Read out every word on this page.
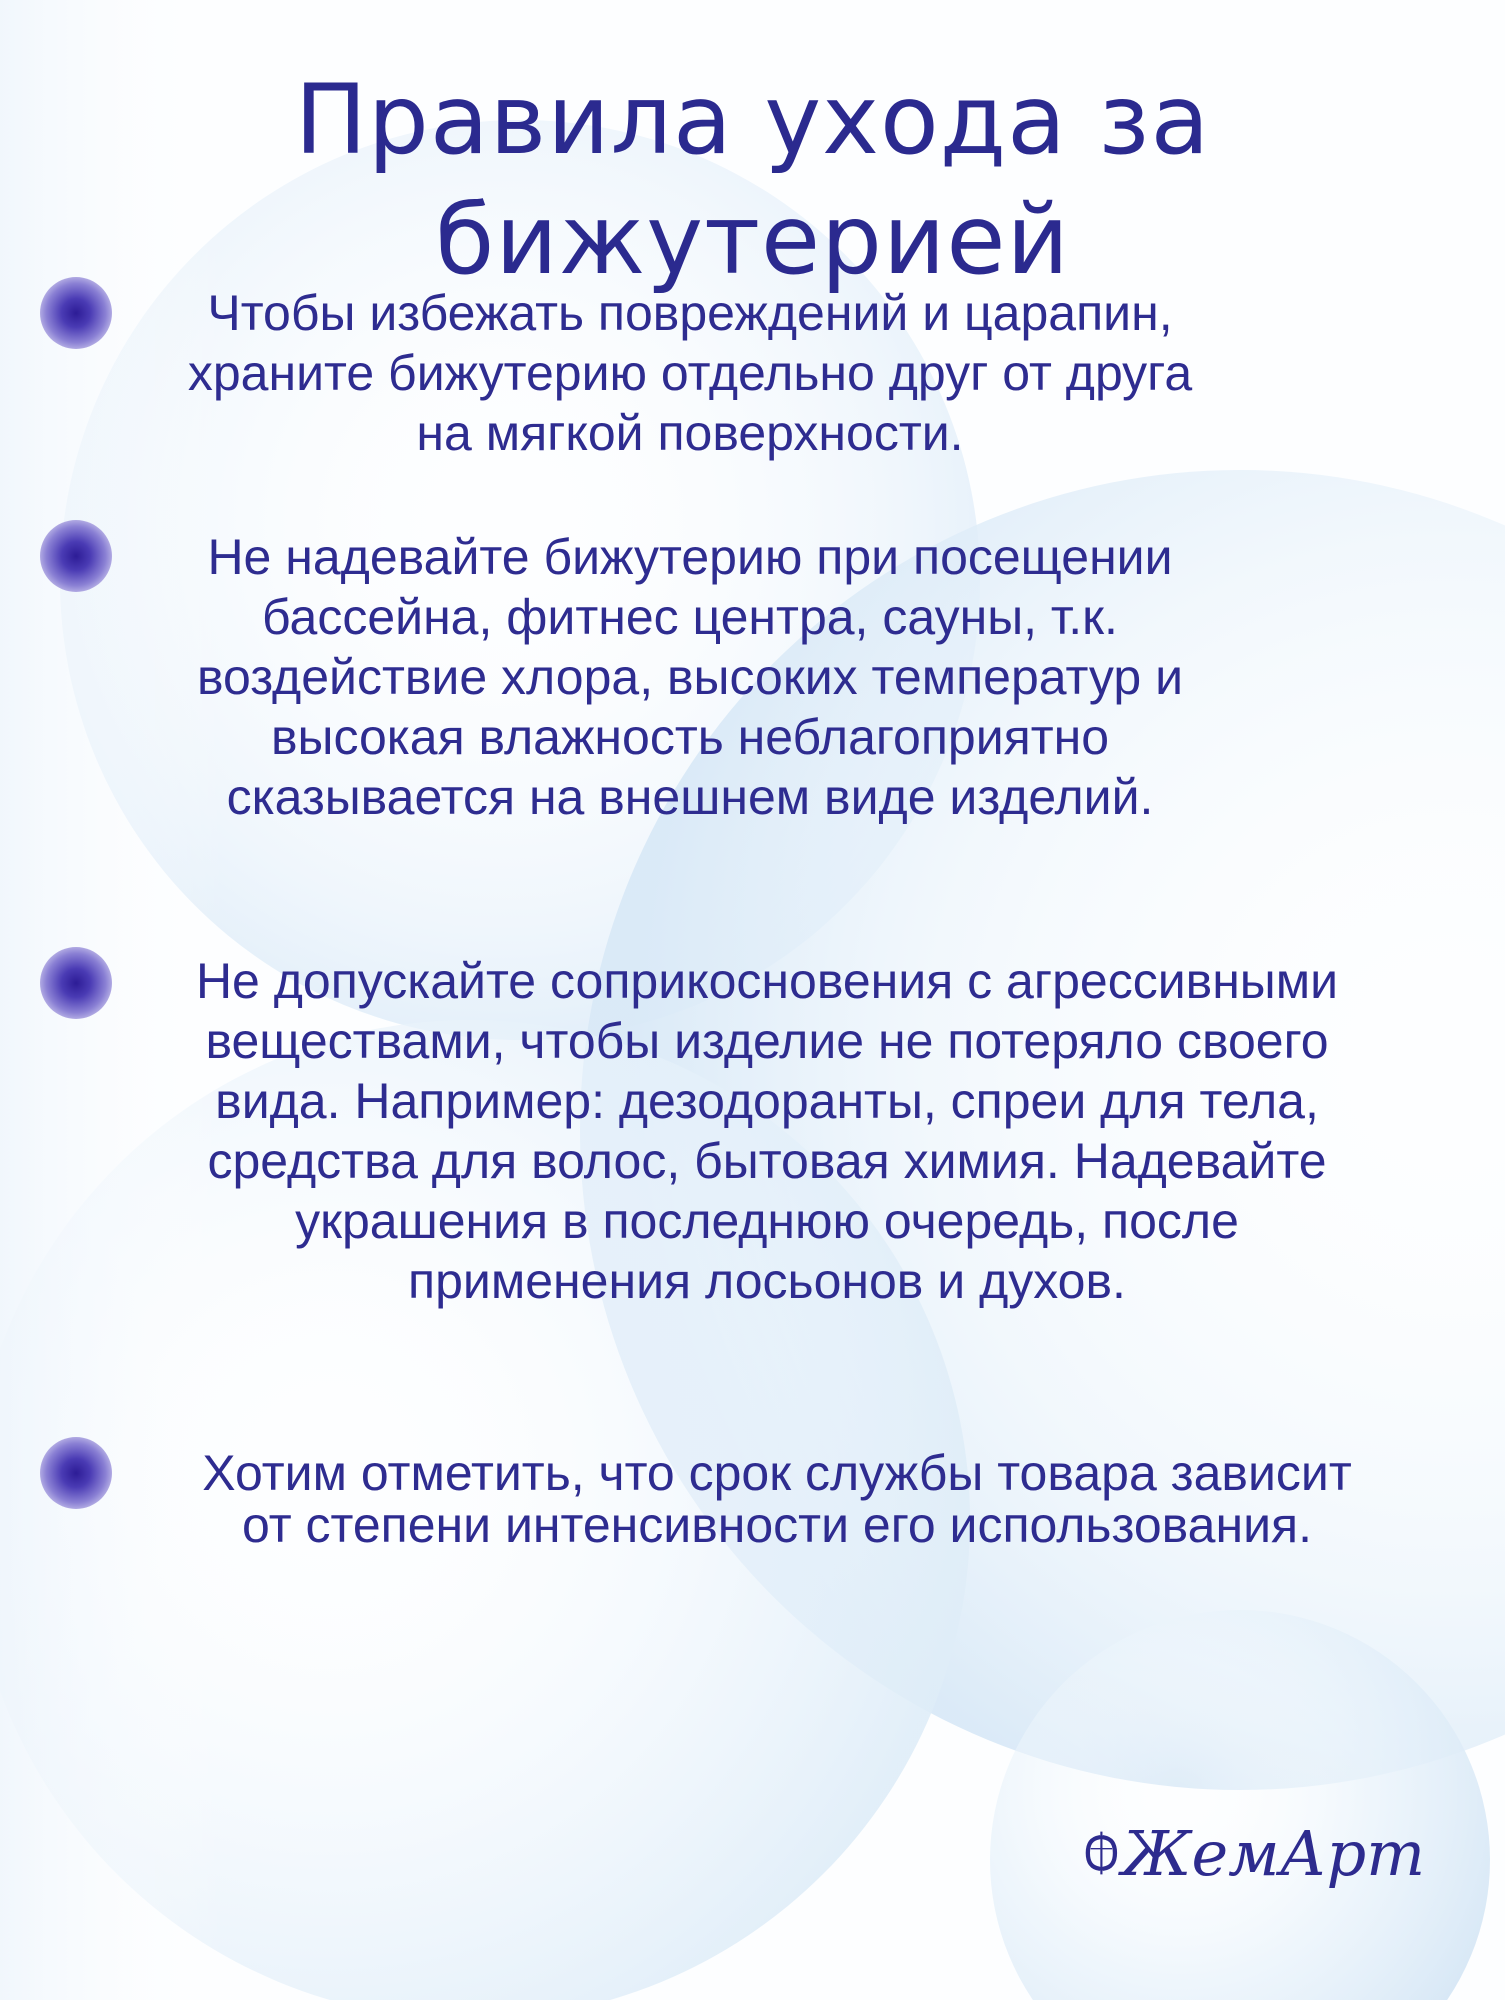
Правила ухода за бижутерией

Чтобы избежать повреждений и царапин,
храните бижутерию отдельно друг от друга
на мягкой поверхности.

Не надевайте бижутерию при посещении
бассейна, фитнес центра, сауны, т.к.
воздействие хлора, высоких температур и
высокая влажность неблагоприятно
сказывается на внешнем виде изделий.

Не допускайте соприкосновения с агрессивными
веществами, чтобы изделие не потеряло своего
вида. Например: дезодоранты, спреи для тела,
средства для волос, бытовая химия. Надевайте
украшения в последнюю очередь, после
применения лосьонов и духов.

Хотим отметить, что срок службы товара зависит
от степени интенсивности его использования.

ЖемАрт
